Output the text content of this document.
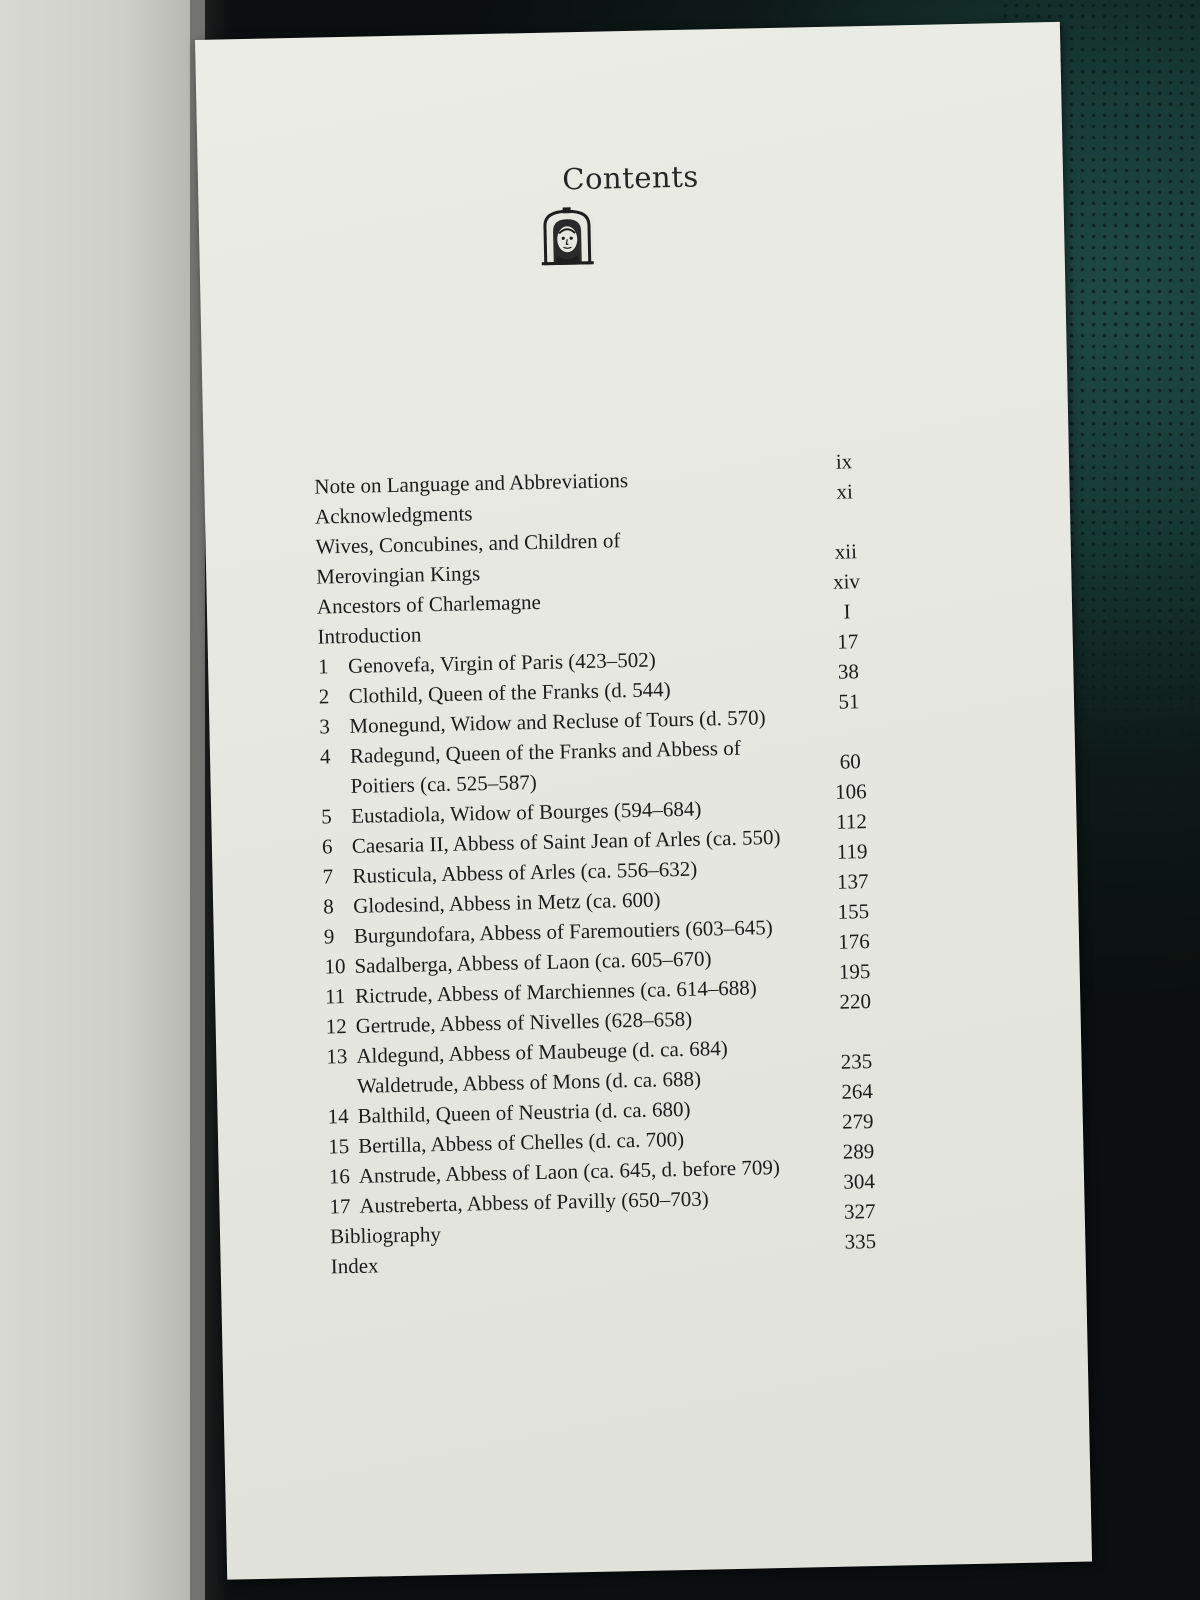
Contents
Note on Language and Abbreviations
ix
Acknowledgments
xi
Wives, Concubines, and Children of
Merovingian Kings
xii
Ancestors of Charlemagne
xiv
Introduction
I
1 Genovefa, Virgin of Paris (423–502)
17
2 Clothild, Queen of the Franks (d. 544)
38
3 Monegund, Widow and Recluse of Tours (d. 570)
51
4 Radegund, Queen of the Franks and Abbess of
Poitiers (ca. 525–587)
60
5 Eustadiola, Widow of Bourges (594–684)
106
6 Caesaria II, Abbess of Saint Jean of Arles (ca. 550)
112
7 Rusticula, Abbess of Arles (ca. 556–632)
119
8 Glodesind, Abbess in Metz (ca. 600)
137
9 Burgundofara, Abbess of Faremoutiers (603–645)
155
10 Sadalberga, Abbess of Laon (ca. 605–670)
176
11 Rictrude, Abbess of Marchiennes (ca. 614–688)
195
12 Gertrude, Abbess of Nivelles (628–658)
220
13 Aldegund, Abbess of Maubeuge (d. ca. 684)
Waldetrude, Abbess of Mons (d. ca. 688)
235
14 Balthild, Queen of Neustria (d. ca. 680)
264
15 Bertilla, Abbess of Chelles (d. ca. 700)
279
16 Anstrude, Abbess of Laon (ca. 645, d. before 709)
289
17 Austreberta, Abbess of Pavilly (650–703)
304
Bibliography
327
Index
335
